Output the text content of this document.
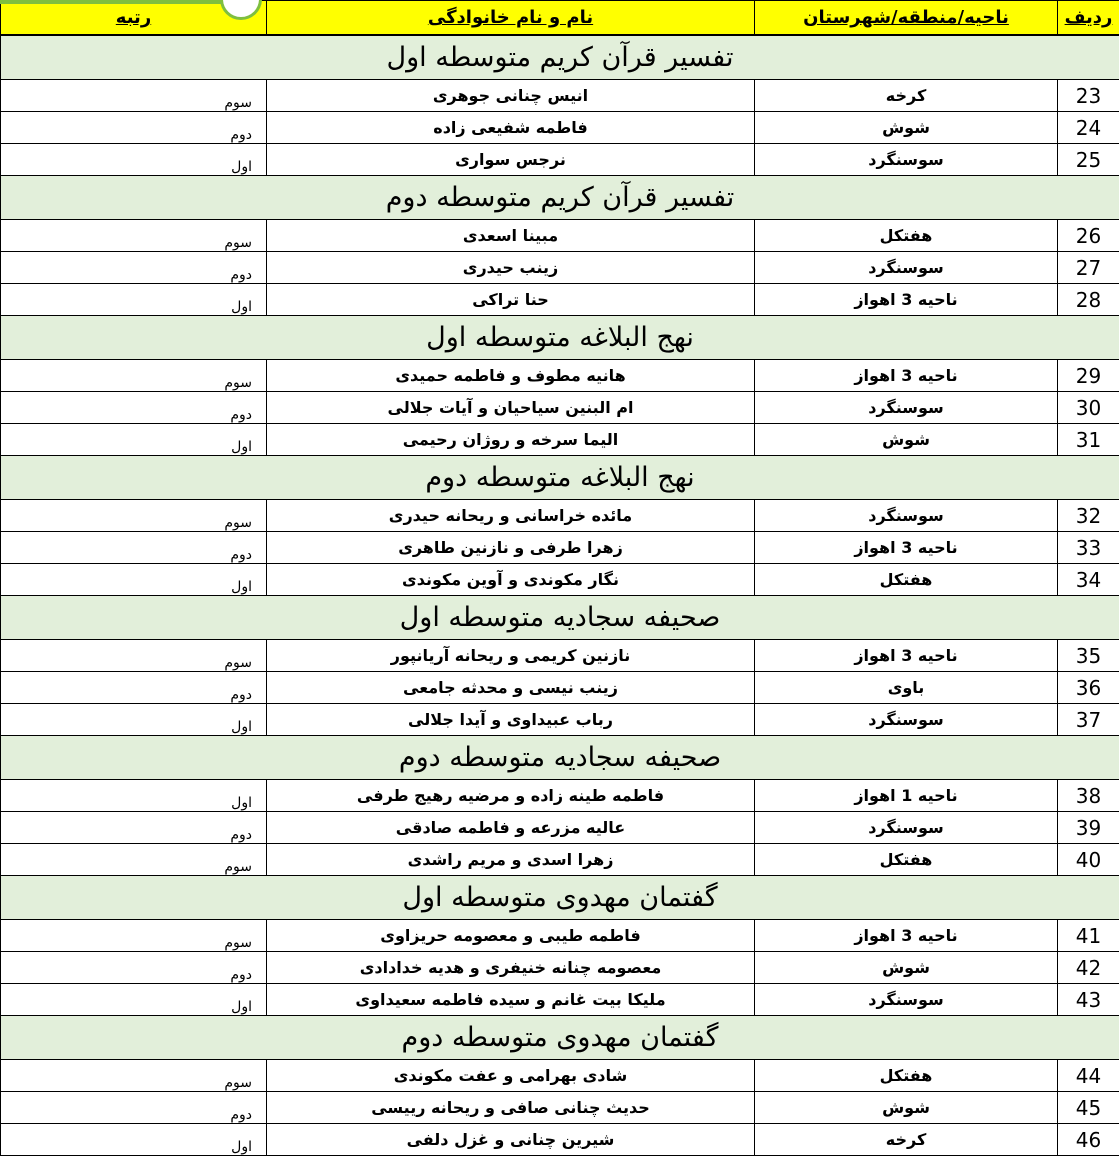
ردیف	ناحیه/منطقه/شهرستان	نام و نام خانوادگی	رتبه
تفسیر قرآن کریم متوسطه اول			
23	کرخه	انیس چنانی جوهری	سوم
24	شوش	فاطمه شفیعی زاده	دوم
25	سوسنگرد	نرجس سواری	اول
تفسیر قرآن کریم متوسطه دوم			
26	هفتکل	مبینا اسعدی	سوم
27	سوسنگرد	زینب حیدری	دوم
28	ناحیه 3 اهواز	حنا تراکی	اول
نهج البلاغه متوسطه اول			
29	ناحیه 3 اهواز	هانیه مطوف و فاطمه حمیدی	سوم
30	سوسنگرد	ام البنین سیاحیان و آیات جلالی	دوم
31	شوش	الیما سرخه و روژان رحیمی	اول
نهج البلاغه متوسطه دوم			
32	سوسنگرد	مائده خراسانی و ریحانه حیدری	سوم
33	ناحیه 3 اهواز	زهرا طرفی و نازنین طاهری	دوم
34	هفتکل	نگار مکوندی و آوین مکوندی	اول
صحیفه سجادیه متوسطه اول			
35	ناحیه 3 اهواز	نازنین کریمی و ریحانه آریانپور	سوم
36	باوی	زینب نیسی و محدثه جامعی	دوم
37	سوسنگرد	رباب عبیداوی و آیدا جلالی	اول
صحیفه سجادیه متوسطه دوم			
38	ناحیه 1 اهواز	فاطمه طینه زاده و مرضیه رهیج طرفی	اول
39	سوسنگرد	عالیه مزرعه و فاطمه صادقی	دوم
40	هفتکل	زهرا اسدی و مریم راشدی	سوم
گفتمان مهدوی متوسطه اول			
41	ناحیه 3 اهواز	فاطمه طیبی و معصومه حریزاوی	سوم
42	شوش	معصومه چنانه خنیفری و هدیه خدادادی	دوم
43	سوسنگرد	ملیکا بیت غانم و سیده فاطمه سعیداوی	اول
گفتمان مهدوی متوسطه دوم			
44	هفتکل	شادی بهرامی و عفت مکوندی	سوم
45	شوش	حدیث چنانی صافی و ریحانه رییسی	دوم
46	کرخه	شیرین چنانی و غزل دلفی	اول
